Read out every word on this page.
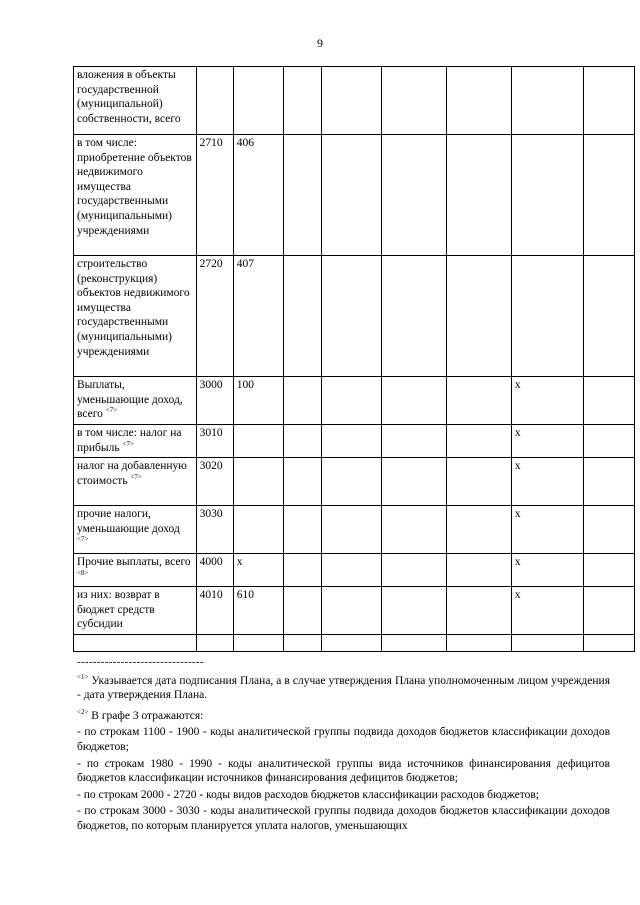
9
вложения в объекты государственной (муниципальной) собственности, всего								
в том числе: приобретение объектов недвижимого имущества государственными (муниципальными) учреждениями	2710	406						
строительство (реконструкция) объектов недвижимого имущества государственными (муниципальными) учреждениями	2720	407						
Выплаты, уменьшающие доход, всего $^{<7>}$	3000	100					x	
в том числе: налог на прибыль $^{<7>}$	3010						x	
налог на добавленную стоимость $^{<7>}$	3020						x	
прочие налоги, уменьшающие доход $^{<7>}$	3030						x	
Прочие выплаты, всего $^{<8>}$	4000	x					x	
из них: возврат в бюджет средств субсидии	4010	610					x	

--------------------------------

$^{<1>}$ Указывается дата подписания Плана, а в случае утверждения Плана уполномоченным лицом учреждения - дата утверждения Плана.

$^{<2>}$ В графе 3 отражаются:

- по строкам 1100 - 1900 - коды аналитической группы подвида доходов бюджетов классификации доходов бюджетов;

- по строкам 1980 - 1990 - коды аналитической группы вида источников финансирования дефицитов бюджетов классификации источников финансирования дефицитов бюджетов;

- по строкам 2000 - 2720 - коды видов расходов бюджетов классификации расходов бюджетов;

- по строкам 3000 - 3030 - коды аналитической группы подвида доходов бюджетов классификации доходов бюджетов, по которым планируется уплата налогов, уменьшающих
